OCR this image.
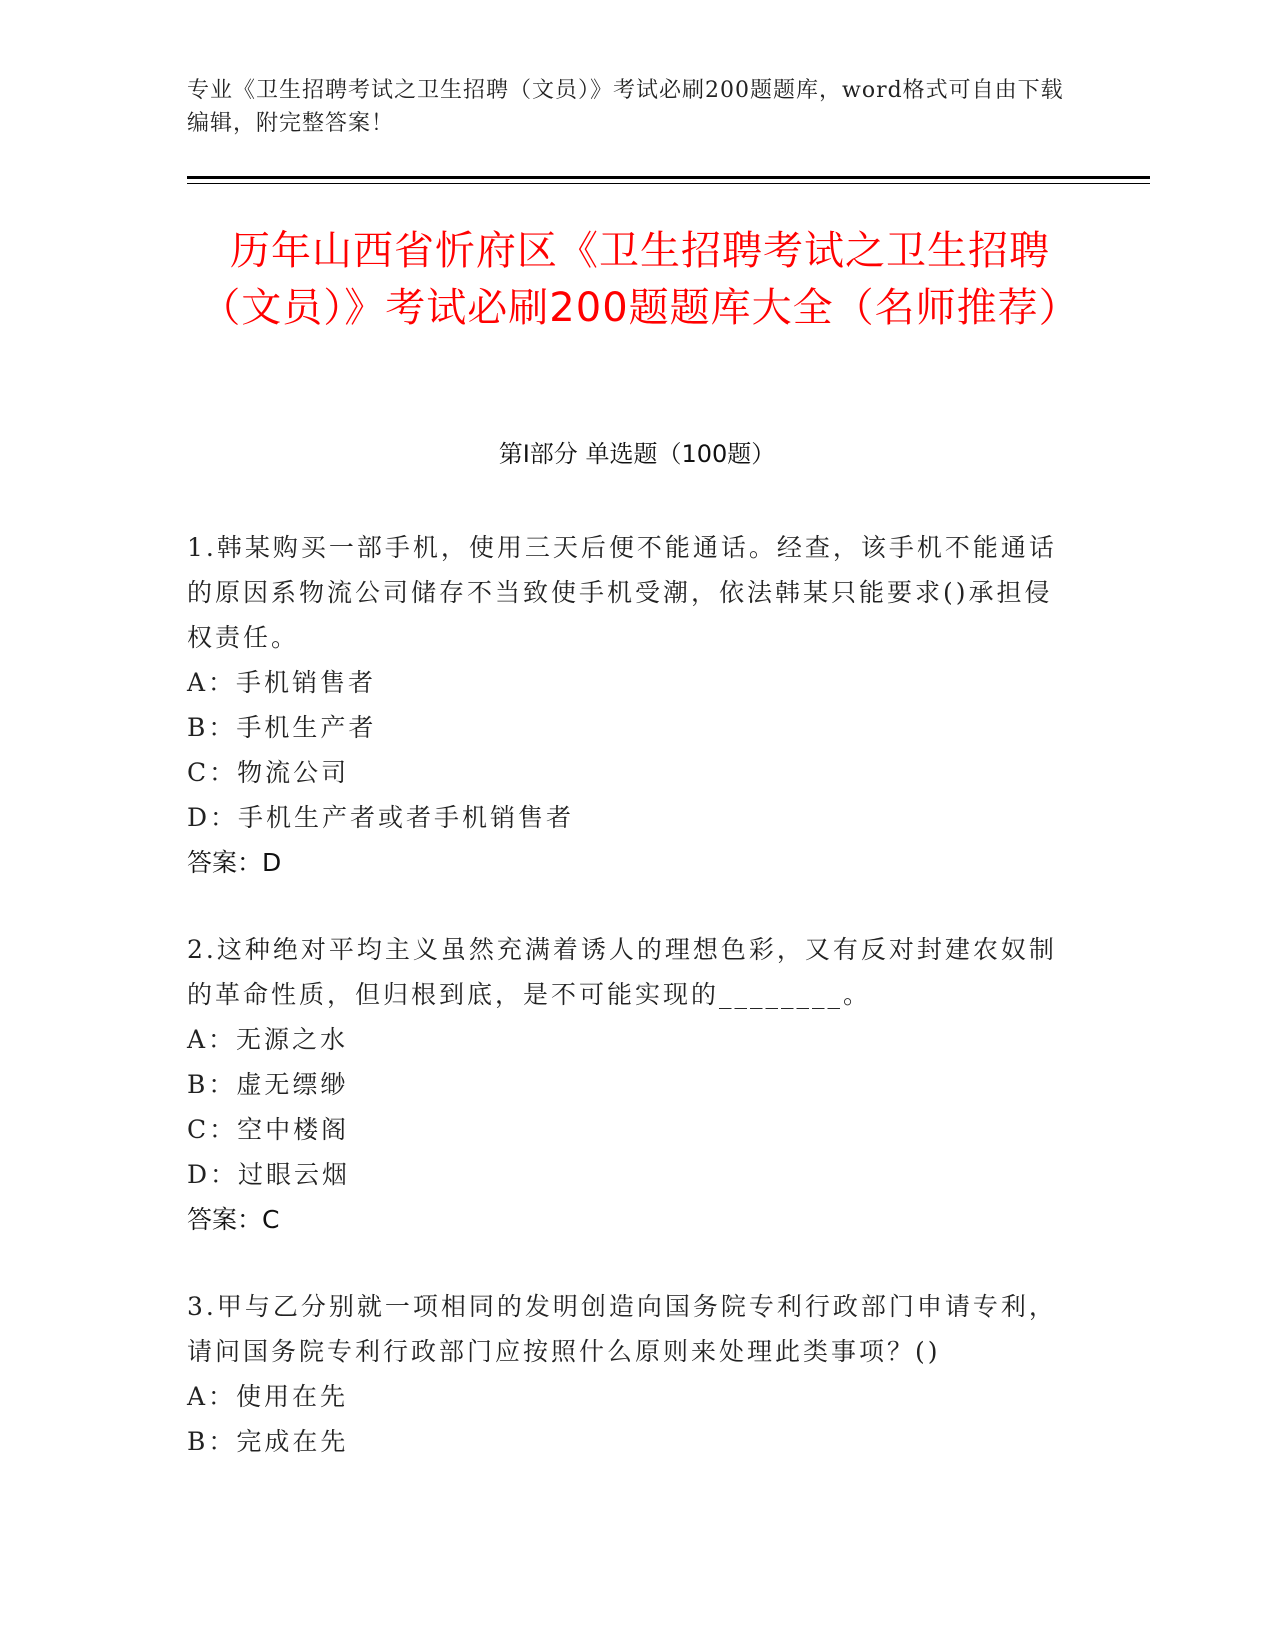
专业《卫生招聘考试之卫生招聘（文员）》考试必刷200题题库，word格式可自由下载编辑，附完整答案！
历年山西省忻府区《卫生招聘考试之卫生招聘（文员）》考试必刷200题题库大全（名师推荐）
第Ⅰ部分 单选题（100题）
1.韩某购买一部手机，使用三天后便不能通话。经查，该手机不能通话的原因系物流公司储存不当致使手机受潮，依法韩某只能要求()承担侵权责任。
A：手机销售者
B：手机生产者
C：物流公司
D：手机生产者或者手机销售者
答案：D
2.这种绝对平均主义虽然充满着诱人的理想色彩，又有反对封建农奴制的革命性质，但归根到底，是不可能实现的________。
A：无源之水
B：虚无缥缈
C：空中楼阁
D：过眼云烟
答案：C
3.甲与乙分别就一项相同的发明创造向国务院专利行政部门申请专利，请问国务院专利行政部门应按照什么原则来处理此类事项？()
A：使用在先
B：完成在先
